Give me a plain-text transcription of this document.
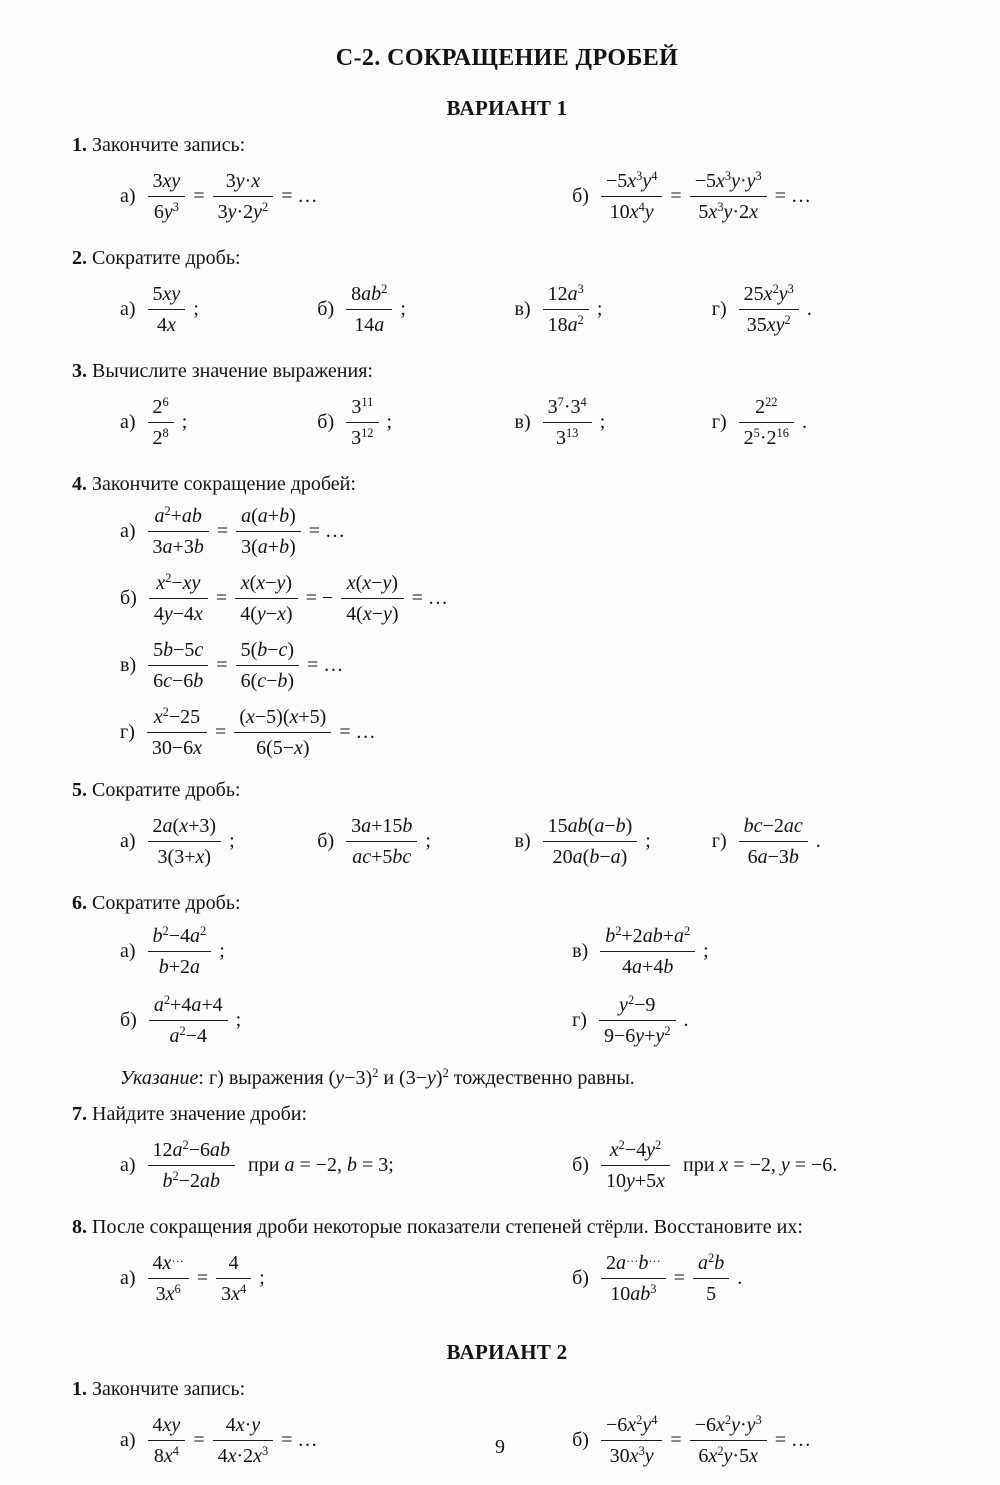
С-2. СОКРАЩЕНИЕ ДРОБЕЙ
ВАРИАНТ 1

1. Закончите запись:

$а) \frac{3xy}{6y^3} = \frac{3y\cdot x}{3y\cdot 2y^2}$ = …	$б) \frac{-5x^3y^4}{10x^4y} = \frac{-5x^3y\cdot y^3}{5x^3y\cdot 2x}$ = …

2. Сократите дробь:

$а) \frac{5xy}{4x}$ ;	$б) \frac{8ab^2}{14a}$ ;	$в) \frac{12a^3}{18a^2}$ ;	$г) \frac{25x^2y^3}{35xy^2}$ .

3. Вычислите значение выражения:

$а) \frac{2^6}{2^8}$ ;	$б) \frac{3^{11}}{3^{12}}$ ;	$в) \frac{3^7\cdot 3^4}{3^{13}}$ ;	$г) \frac{2^{22}}{2^5\cdot 2^{16}}$ .

4. Закончите сокращение дробей:

$а) \frac{a^2+ab}{3a+3b} = \frac{a(a+b)}{3(a+b)}$ = …
$б) \frac{x^2-xy}{4y-4x} = \frac{x(x-y)}{4(y-x)}$ = − $\frac{x(x-y)}{4(x-y)}$ = …
$в) \frac{5b-5c}{6c-6b} = \frac{5(b-c)}{6(c-b)}$ = …
$г) \frac{x^2-25}{30-6x} = \frac{(x-5)(x+5)}{6(5-x)}$ = …

5. Сократите дробь:

$а) \frac{2a(x+3)}{3(3+x)}$ ;	$б) \frac{3a+15b}{ac+5bc}$ ;	$в) \frac{15ab(a-b)}{20a(b-a)}$ ;	$г) \frac{bc-2ac}{6a-3b}$ .

6. Сократите дробь:

$а) \frac{b^2-4a^2}{b+2a}$ ;	$в) \frac{b^2+2ab+a^2}{4a+4b}$ ;
$б) \frac{a^2+4a+4}{a^2-4}$ ;	$г) \frac{y^2-9}{9-6y+y^2}$ .

Указание: г) выражения $(y-3)^2$ и $(3-y)^2$ тождественно равны.

7. Найдите значение дроби:

$а) \frac{12a^2-6ab}{b^2-2ab}$ при a = −2, b = 3;	$б) \frac{x^2-4y^2}{10y+5x}$ при x = −2, y = −6.

8. После сокращения дроби некоторые показатели степеней стёрли. Восстановите их:

$а) \frac{4x^\dots}{3x^6} = \frac{4}{3x^4}$ ;	$б) \frac{2a^\dots b^\dots}{10ab^3} = \frac{a^2b}{5}$ .
ВАРИАНТ 2

1. Закончите запись:

$а) \frac{4xy}{8x^4} = \frac{4x\cdot y}{4x\cdot 2x^3}$ = …	$б) \frac{-6x^2y^4}{30x^3y} = \frac{-6x^2y\cdot y^3}{6x^2y\cdot 5x}$ = …
9
